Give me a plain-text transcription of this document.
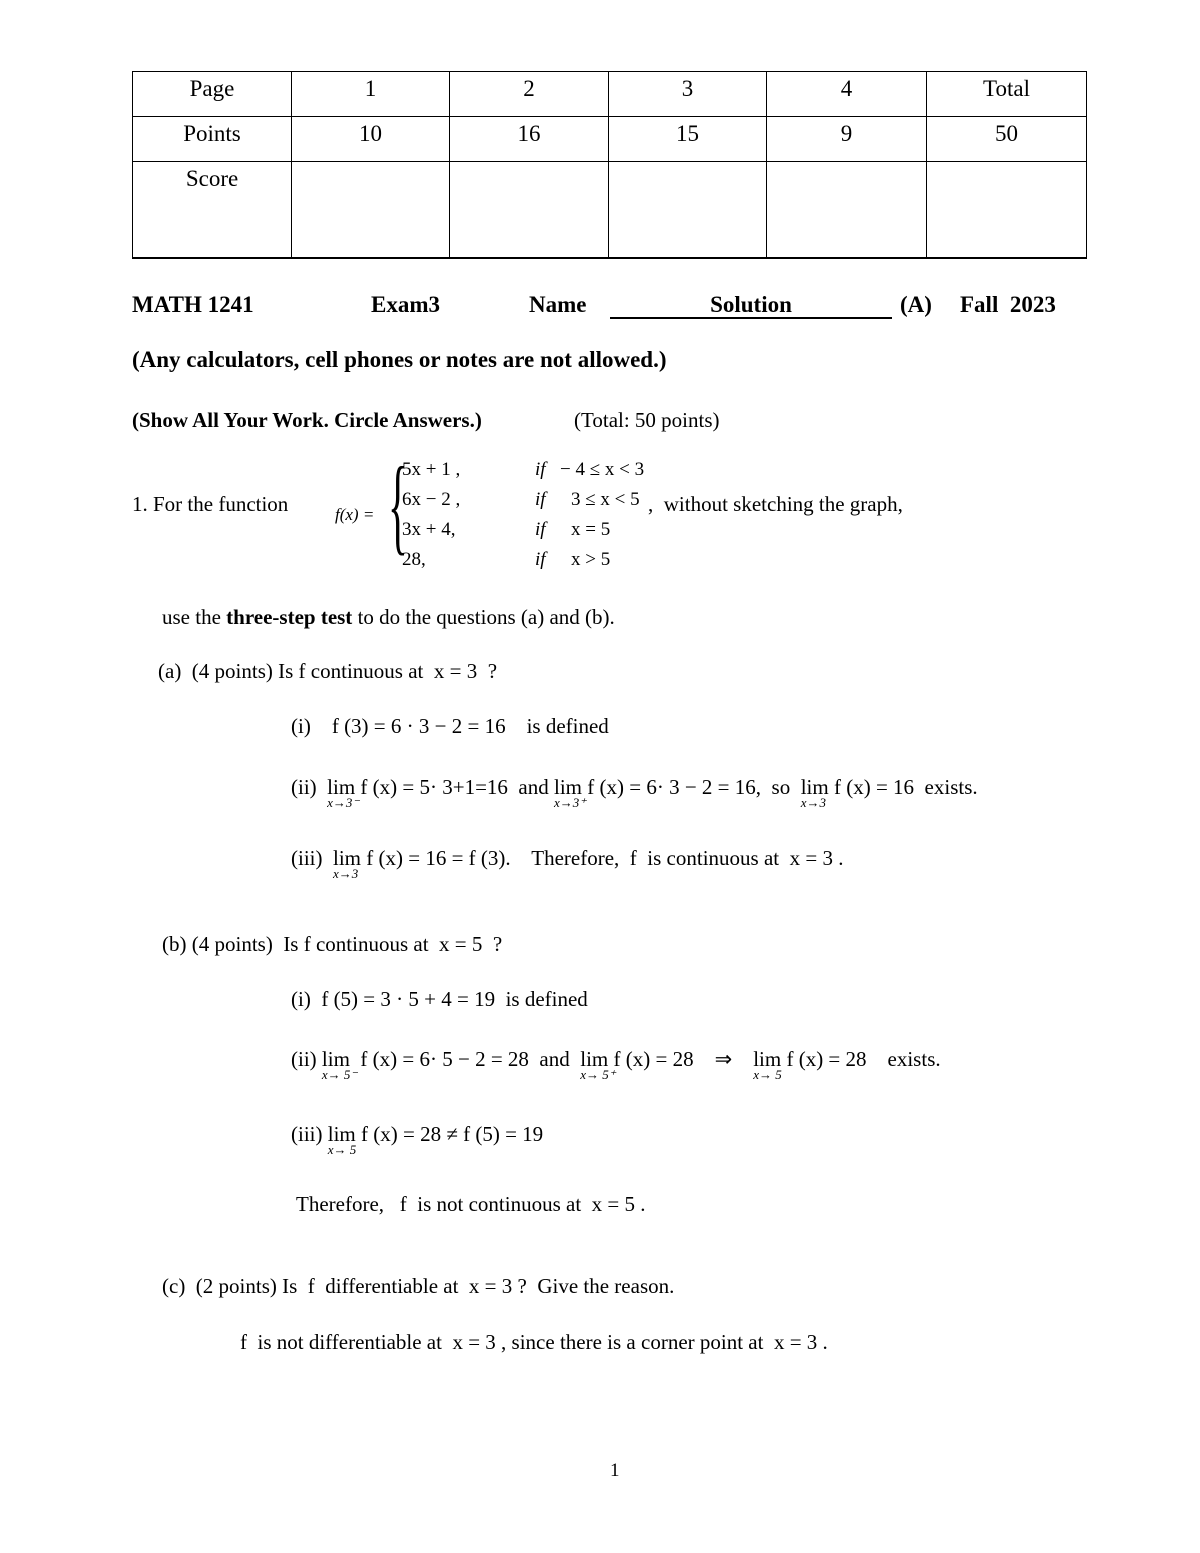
Page	1	2	3	4	Total
Points	10	16	15	9	50
Score					
MATH 1241	Exam3	Name	Solution	(A) Fall  2023
(Any calculators, cell phones or notes are not allowed.)
(Show All Your Work. Circle Answers.)	(Total: 50 points)
1. For the function	f(x) = {
5x + 1 ,	if − 4 ≤ x < 3
6x − 2 ,	if 3 ≤ x < 5
3x + 4,	if x = 5
28,	if x > 5
,  without sketching the graph,
use the three-step test to do the questions (a) and (b).
(a)  (4 points) Is f continuous at  x = 3  ?
(i)    f (3) = 6 · 3 − 2 = 16    is defined
(ii) lim
x→3⁻
f (x) = 5· 3+1=16  and lim
x→3⁺
f (x) = 6· 3 − 2 = 16,  so  lim
x→3
f (x) = 16  exists.
(iii) lim
x→3
f (x) = 16 = f (3).    Therefore,  f  is continuous at  x = 3 .
(b) (4 points)  Is f continuous at  x = 5  ?
(i)  f (5) = 3 · 5 + 4 = 19  is defined
(ii) lim
x→ 5⁻
f (x) = 6· 5 − 2 = 28  and  lim
x→ 5⁺
f (x) = 28    ⇒    lim
x→ 5
f (x) = 28    exists.
(iii) lim
x→ 5
f (x) = 28 ≠ f (5) = 19
Therefore,   f  is not continuous at  x = 5 .
(c)  (2 points) Is  f  differentiable at  x = 3 ?  Give the reason.
f  is not differentiable at  x = 3 , since there is a corner point at  x = 3 .
1
